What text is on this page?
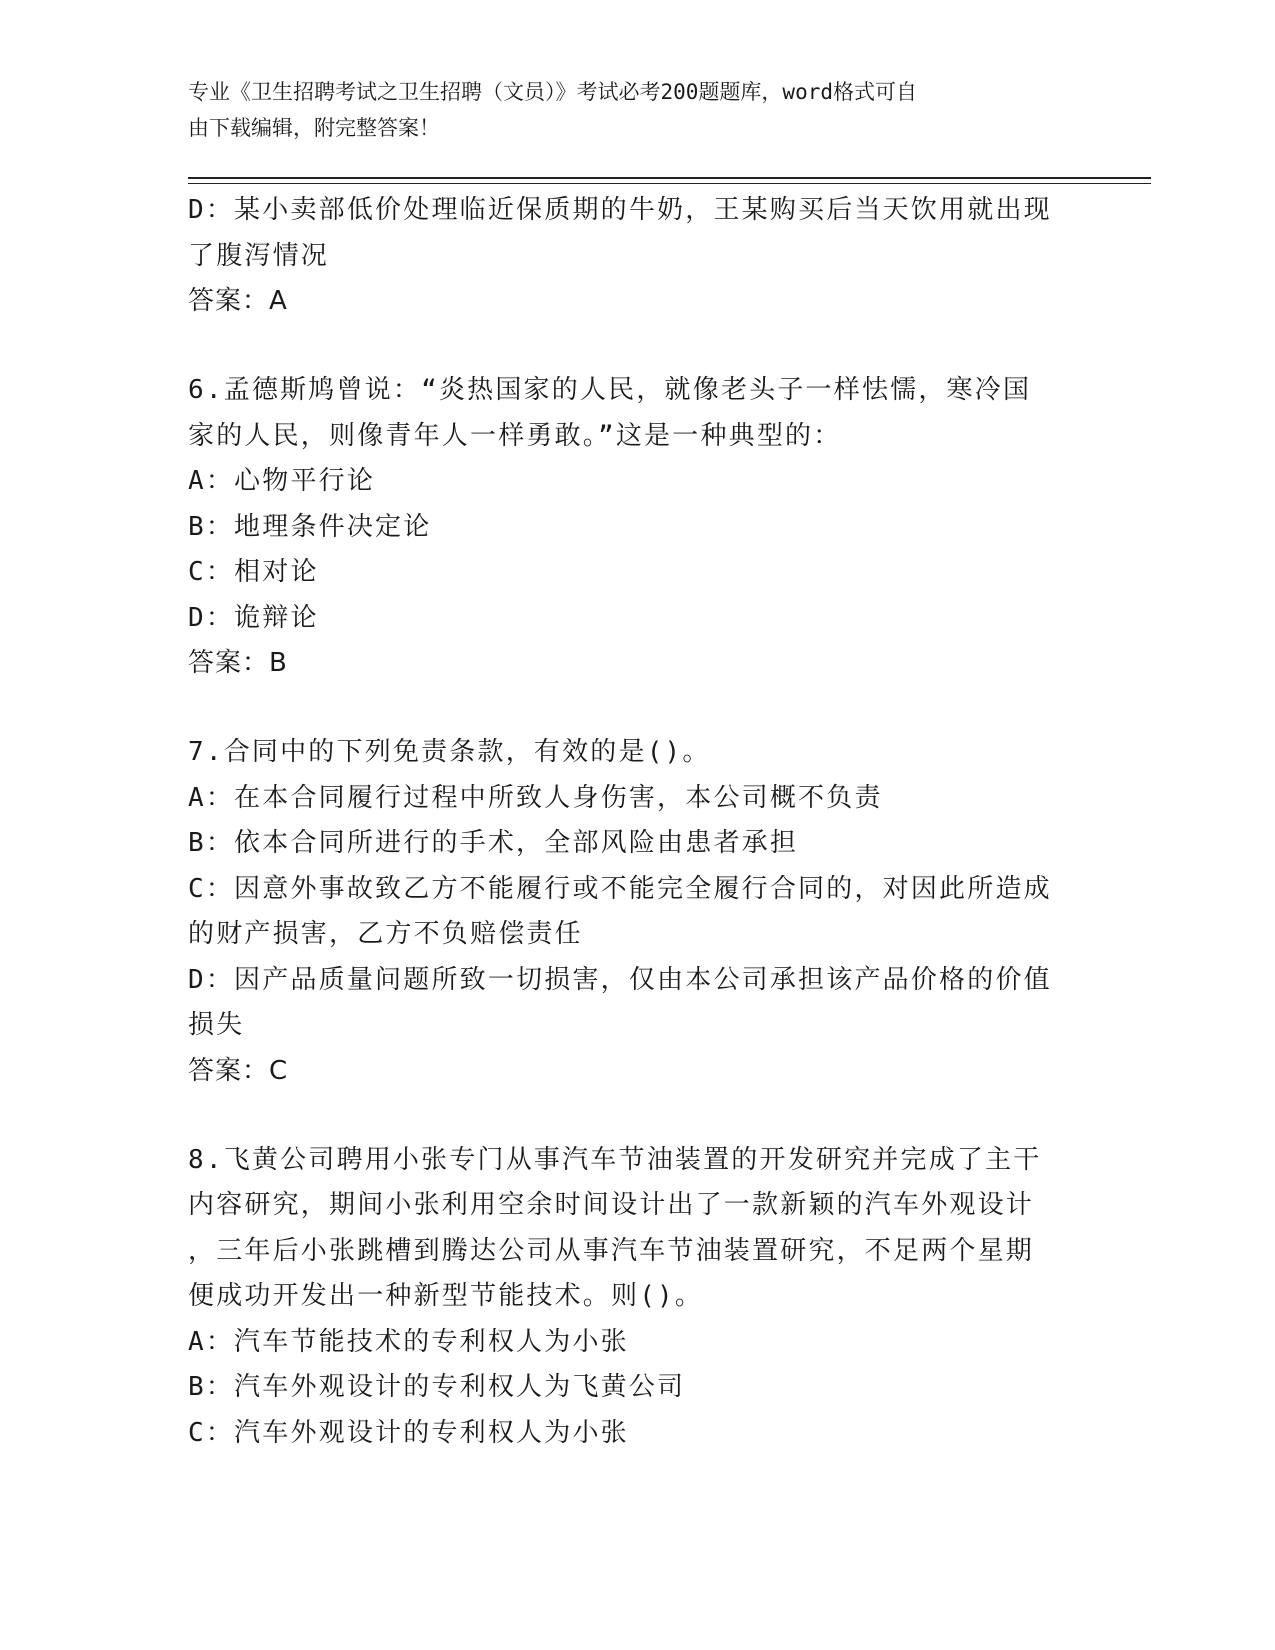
专业《卫生招聘考试之卫生招聘（文员）》考试必考200题题库，word格式可自
由下载编辑，附完整答案！
D：某小卖部低价处理临近保质期的牛奶，王某购买后当天饮用就出现
了腹泻情况
答案：A
6.孟德斯鸠曾说：“炎热国家的人民，就像老头子一样怯懦，寒冷国
家的人民，则像青年人一样勇敢。”这是一种典型的：
A：心物平行论
B：地理条件决定论
C：相对论
D：诡辩论
答案：B
7.合同中的下列免责条款，有效的是()。
A：在本合同履行过程中所致人身伤害，本公司概不负责
B：依本合同所进行的手术，全部风险由患者承担
C：因意外事故致乙方不能履行或不能完全履行合同的，对因此所造成
的财产损害，乙方不负赔偿责任
D：因产品质量问题所致一切损害，仅由本公司承担该产品价格的价值
损失
答案：C
8.飞黄公司聘用小张专门从事汽车节油装置的开发研究并完成了主干
内容研究，期间小张利用空余时间设计出了一款新颖的汽车外观设计
，三年后小张跳槽到腾达公司从事汽车节油装置研究，不足两个星期
便成功开发出一种新型节能技术。则()。
A：汽车节能技术的专利权人为小张
B：汽车外观设计的专利权人为飞黄公司
C：汽车外观设计的专利权人为小张
